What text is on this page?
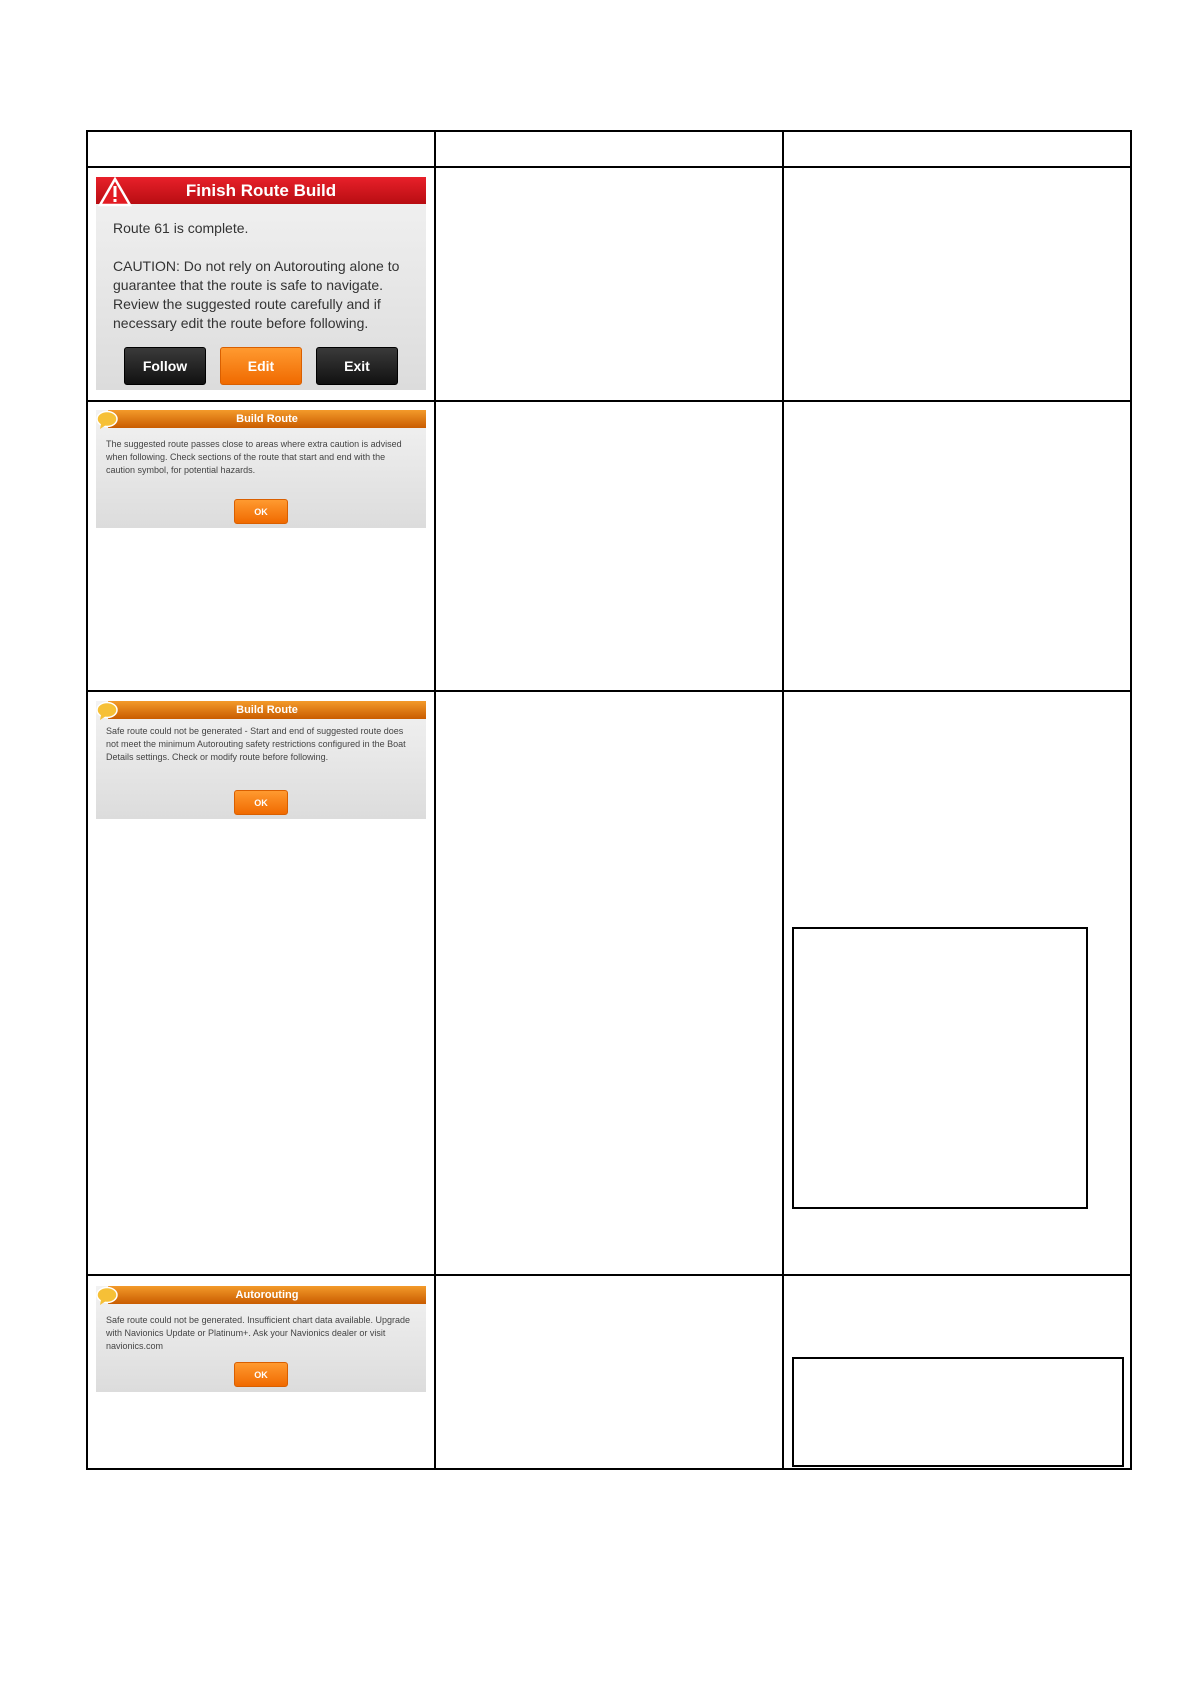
Finish Route Build
Route 61 is complete.
CAUTION: Do not rely on Autorouting alone to guarantee that the route is safe to navigate. Review the suggested route carefully and if necessary edit the route before following.
Follow	Edit	Exit
Build Route
The suggested route passes close to areas where extra caution is advised when following. Check sections of the route that start and end with the caution symbol, for potential hazards.
OK
Build Route
Safe route could not be generated - Start and end of suggested route does not meet the minimum Autorouting safety restrictions configured in the Boat Details settings. Check or modify route before following.
OK
Autorouting
Safe route could not be generated. Insufficient chart data available. Upgrade with Navionics Update or Platinum+. Ask your Navionics dealer or visit navionics.com
OK
